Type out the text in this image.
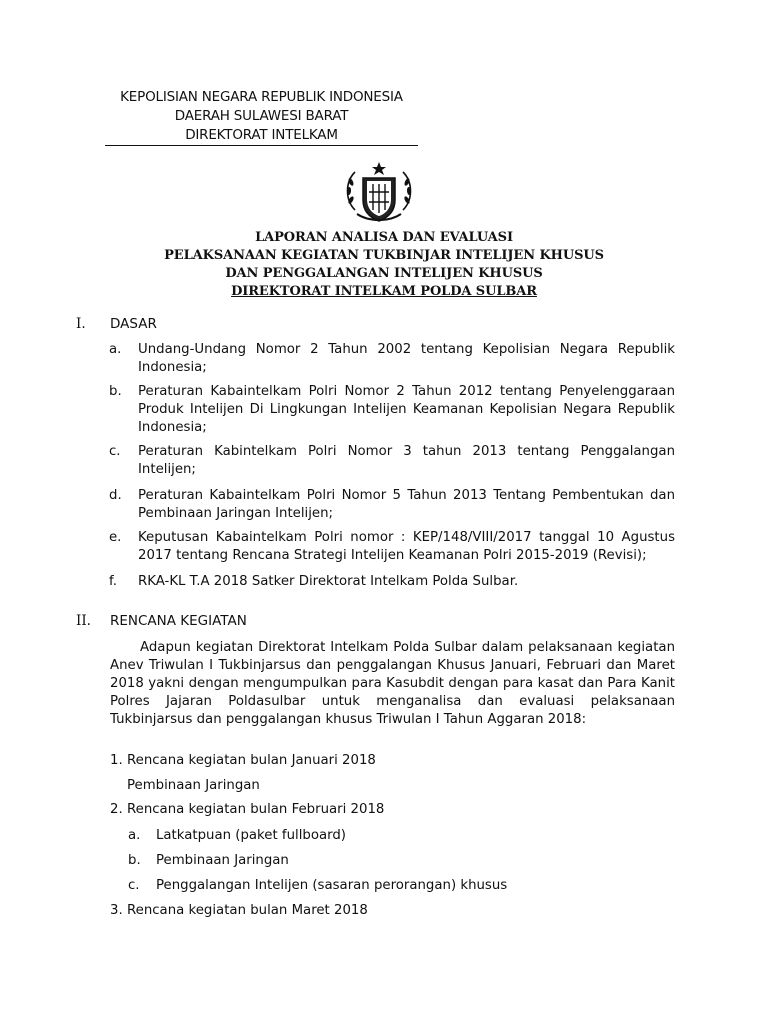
KEPOLISIAN NEGARA REPUBLIK INDONESIA
DAERAH SULAWESI BARAT
DIREKTORAT INTELKAM
LAPORAN ANALISA DAN EVALUASI
PELAKSANAAN KEGIATAN TUKBINJAR INTELIJEN KHUSUS
DAN PENGGALANGAN INTELIJEN KHUSUS
DIREKTORAT INTELKAM POLDA SULBAR
I. DASAR
a.	Undang-Undang Nomor 2 Tahun 2002 tentang Kepolisian Negara Republik Indonesia;
b.	Peraturan Kabaintelkam Polri Nomor 2 Tahun 2012 tentang Penyelenggaraan Produk Intelijen Di Lingkungan Intelijen Keamanan Kepolisian Negara Republik Indonesia;
c.	Peraturan Kabintelkam Polri Nomor 3 tahun 2013 tentang Penggalangan Intelijen;
d.	Peraturan Kabaintelkam Polri Nomor 5 Tahun 2013 Tentang Pembentukan dan Pembinaan Jaringan Intelijen;
e.	Keputusan Kabaintelkam Polri nomor : KEP/148/VIII/2017 tanggal 10 Agustus 2017 tentang Rencana Strategi Intelijen Keamanan Polri 2015-2019 (Revisi);
f.	RKA-KL T.A 2018 Satker Direktorat Intelkam Polda Sulbar.
II. RENCANA KEGIATAN
Adapun kegiatan Direktorat Intelkam Polda Sulbar dalam pelaksanaan kegiatan Anev Triwulan I Tukbinjarsus dan penggalangan Khusus Januari, Februari dan Maret 2018 yakni dengan mengumpulkan para Kasubdit dengan para kasat dan Para Kanit Polres Jajaran Poldasulbar untuk menganalisa dan evaluasi pelaksanaan Tukbinjarsus dan penggalangan khusus Triwulan I Tahun Aggaran 2018:
1. Rencana kegiatan bulan Januari 2018
Pembinaan Jaringan
2. Rencana kegiatan bulan Februari 2018
a. Latkatpuan (paket fullboard)
b. Pembinaan Jaringan
c. Penggalangan Intelijen (sasaran perorangan) khusus
3. Rencana kegiatan bulan Maret 2018
